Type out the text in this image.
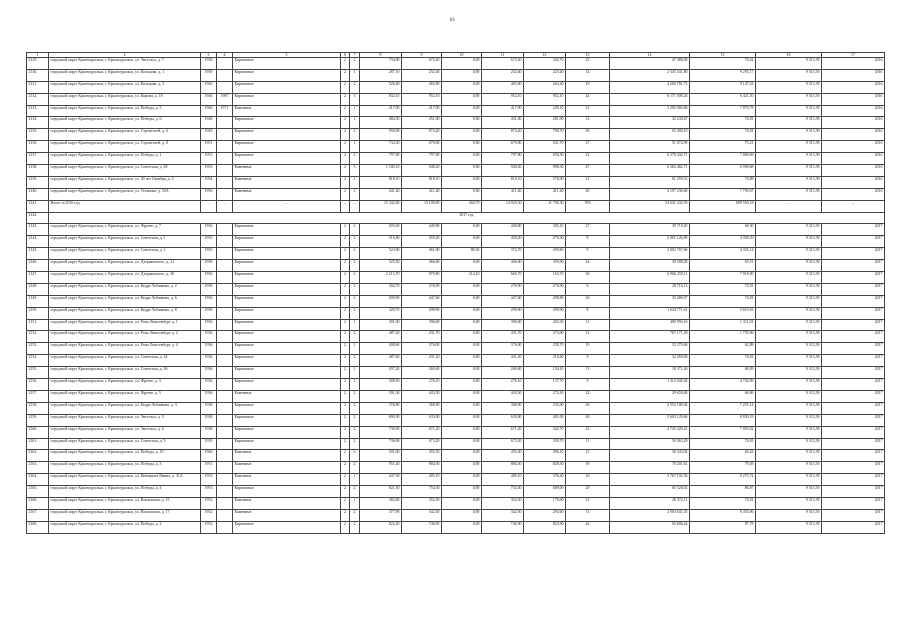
61
1	2	3	4	5	6	7	8	9	10	11	12	13	14	15	16	17
2129.	городской округ Красноуральск, г. Красноуральск, ул. Энгельса, д. 7	1938		Кирпичные	2	2	734,00	673,20	0,00	673,20	342,70	25	47 386,08	70,42	9 313,39	2016
2130.	городской округ Красноуральск, г. Красноуральск, ул. Кольцова, д. 1	1939		Кирпичные	2	1	287,10	252,40	0,00	252,40	223,40	14	2 345 541,80	9 293,17	9 313,39	2016
2131.	городской округ Красноуральск, г. Красноуральск, ул. Кольцова, д. 2	1940		Кирпичные	2	2	520,40	465,80	0,00	465,80	264,40	19	4 260 781,75	9 147,23	9 313,39	2016
2132.	городской округ Красноуральск, г. Красноуральск, ул. Кирова, д. 18	1946	1987	Кирпичные	2	3	832,10	952,10	0,00	952,10	952,10	42	6 171 508,26	6 421,50	9 313,39	2016
2133.	городской округ Красноуральск, г. Красноуральск, ул. Победы, д. 5	1946	1971	Каменные	2	1	417,90	417,90	0,00	417,90	249,10	21	3 292 960,86	7 879,78	9 313,39	2016
2134.	городской округ Красноуральск, г. Красноуральск, ул. Победы, д. 6	1948		Кирпичные	2	1	484,50	451,00	0,00	431,00	281,90	14	32 243,67	74,81	9 313,39	2016
2135.	городской округ Красноуральск, г. Красноуральск, ул. Строителей, д. 6	1949		Кирпичные	2	2	950,00	874,20	0,00	874,20	700,70	36	65 400,10	74,81	9 313,39	2016
2136.	городской округ Красноуральск, г. Красноуральск, ул. Строителей, д. 8	1951		Кирпичные	2	1	734,30	679,00	0,00	679,00	631,70	27	51 072,99	75,21	9 313,39	2016
2137.	городской округ Красноуральск, г. Красноуральск, ул. Победы, д. 1	1953		Кирпичные	2	2	797,80	797,80	0,00	797,80	650,50	22	6 278 434,71	7 869,69	9 313,39	2016
2138.	городской округ Красноуральск, г. Красноуральск, ул. Советская, д. 28	1953		Каменные	2	3	1 180,10	940,20	0,00	940,20	908,30	47	6 262 462,71	6 590,68	9 313,39	2016
2139.	городской округ Красноуральск, г. Красноуральск, ул. 30 лет Октября, д. 5	1954		Каменные	2	1	818,10	818,10	0,00	818,10	576,00	21	61 259,33	74,88	9 313,39	2016
2140.	городской округ Красноуральск, г. Красноуральск, ул. Устинова, д. 33А	1956		Каменные	2	2	441,40	411,40	0,00	411,40	411,40	20	3 197 236,68	7 759,67	9 313,39	2016
2141.	Итого за 2016 год	–	–	–	–	–	15 342,60	15 100,00	404,70	14 925,50	11 758,30	593	54 641 242,59	699 550,18	–	–
2142.	2017 год															
2143.	городской округ Красноуральск, г. Красноуральск, ул. Фрунзе, д. 7	1936		Кирпичные	2	2	505,00	449,80	0,00	449,80	305,10	27	39 719,20	68,30	9 313,39	2017
2144.	городской округ Красноуральск, г. Красноуральск, ул. Советская, д. 1	1935		Кирпичные	2	2	516,80	459,20	0,00	459,20	276,30	9	2 001 126,89	4 358,29	9 313,39	2017
2145.	городской округ Красноуральск, г. Красноуральск, ул. Советская, д. 2	1935		Кирпичные	2	2	523,90	461,00	88,30	372,70	459,60	9	2 003 767,66	4 335,14	9 313,39	2017
2146.	городской округ Красноуральск, г. Красноуральск, ул. Дзержинского, д. 21	1936		Кирпичные	2	2	525,50	466,00	0,00	466,00	359,90	24	30 588,28	65,51	9 313,39	2017
2147.	городской округ Красноуральск, г. Красноуральск, ул. Дзержинского, д. 30	1936		Кирпичные	2	2	2 213,70	879,80	214,10	665,70	163,70	30	6 966 259,11	7 918,00	9 313,39	2017
2148.	городской округ Красноуральск, г. Красноуральск, ул. Кедра Лобанкова, д. 2	1936		Кирпичные	2	2	304,70	276,90	0,00	276,90	276,90	6	20 716,13	74,81	9 313,39	2017
2149.	городской округ Красноуральск, г. Красноуральск, ул. Кедра Лобанкова, д. 6	1936		Кирпичные	2	2	500,00	447,60	0,00	447,60	298,80	26	33 486,97	74,81	9 313,39	2017
2150.	городской округ Красноуральск, г. Красноуральск, ул. Кедра Лобанкова, д. 8	1936		Кирпичные	2	2	329,70	299,90	0,00	299,90	299,90	8	1 634 771,61	5 619,03	9 313,39	2017
2151.	городской округ Красноуральск, г. Красноуральск, ул. Розы Люксембург, д. 1	1936		Кирпичные	2	1	491,00	396,00	0,00	396,00	202,30	11	489 956,16	1 311,01	9 313,39	2017
2152.	городской округ Красноуральск, г. Красноуральск, ул. Розы Люксембург, д. 2	1936		Кирпичные	2	2	487,20	431,70	0,00	431,70	273,00	12	767 171,39	1 755,06	9 313,39	2017
2153.	городской округ Красноуральск, г. Красноуральск, ул. Розы Люксембург, д. 4	1936		Кирпичные	2	1	408,60	376,00	0,00	376,00	258,70	19	23 379,46	62,88	9 313,39	2017
2154.	городской округ Красноуральск, г. Красноуральск, ул. Советская, д. 34	1936		Кирпичные	2	2	487,60	431,20	0,00	431,20	210,40	9	32 260,06	74,81	9 313,39	2017
2155.	городской округ Красноуральск, г. Красноуральск, ул. Советская, д. 36	1936		Кирпичные	2	1	297,20	269,40	0,00	269,40	154,10	13	18 371,26	68,49	9 313,39	2017
2156.	городской округ Красноуральск, г. Красноуральск, ул. Фрунзе, д. 3	1936		Кирпичные	2	1	308,50	276,10	0,00	276,10	137,70	9	1 312 042,04	4 754,09	9 313,39	2017
2157.	городской округ Красноуральск, г. Красноуральск, ул. Фрунзе, д. 5	1936		Каменные	2	2	501,30	443,50	0,00	443,50	272,30	22	29 650,48	66,86	9 313,39	2017
2158.	городской округ Красноуральск, г. Красноуральск, ул. Кедра Лобанкова, д. 3	1938		Кирпичные	2	2	376,90	368,90	0,00	368,90	235,00	26	2 552 189,04	7 255,14	9 313,39	2017
2159.	городской округ Красноуральск, г. Красноуральск, ул. Энгельса, д. 5	1938		Кирпичные	2	2	690,30	633,00	0,00	633,00	401,00	26	5 603 129,66	8 830,19	9 313,39	2017
2160.	городской округ Красноуральск, г. Красноуральск, ул. Энгельса, д. 6	1938		Кирпичные	2	2	730,90	671,20	0,00	671,20	342,70	23	4 745 329,41	7 055,02	9 313,39	2017
2161.	городской округ Красноуральск, г. Красноуральск, ул. Советская, д. 9	1939		Кирпичные	2	2	736,00	673,20	0,00	673,20	339,70	11	50 363,29	74,81	9 313,39	2017
2162.	городской округ Красноуральск, г. Красноуральск, ул. Победы, д. 10	1946		Каменные	2	6	501,00	455,30	0,00	455,30	396,10	15	30 343,94	66,43	9 313,39	2017
2163.	городской округ Красноуральск, г. Красноуральск, ул. Победы, д. 3	1951		Каменные	2	2	951,20	884,30	0,00	884,30	828,30	39	70 201,61	79,39	9 313,39	2017
2164.	городской округ Красноуральск, г. Красноуральск, ул. Интерната Ямина, д. 31А	1953		Каменные	2	1	447,30	405,10	0,00	405,10	376,40	16	3 767 192,56	9 275,72	9 313,39	2017
2165.	городской округ Красноуральск, г. Красноуральск, ул. Победы, д. 4	1953		Кирпичные	2	2	821,50	754,30	0,00	754,30	689,00	28	65 526,02	86,87	9 313,39	2017
2166.	городской округ Красноуральск, г. Красноуральск, ул. Вокзальная, д. 15	1952		Каменные	2	1	382,60	352,50	0,00	352,50	176,00	21	26 372,11	74,81	9 313,39	2017
2167.	городской округ Красноуральск, г. Красноуральск, ул. Вокзальная, д. 17	1952		Каменные	2	2	377,90	342,50	0,00	342,50	293,60	13	2 903 631,35	8 453,06	9 313,39	2017
2168.	городской округ Красноуральск, г. Красноуральск, ул. Победы, д. 2	1952		Кирпичные	2	2	822,20	746,90	0,00	746,90	823,90	42	65 606,24	87,78	9 313,39	2017
